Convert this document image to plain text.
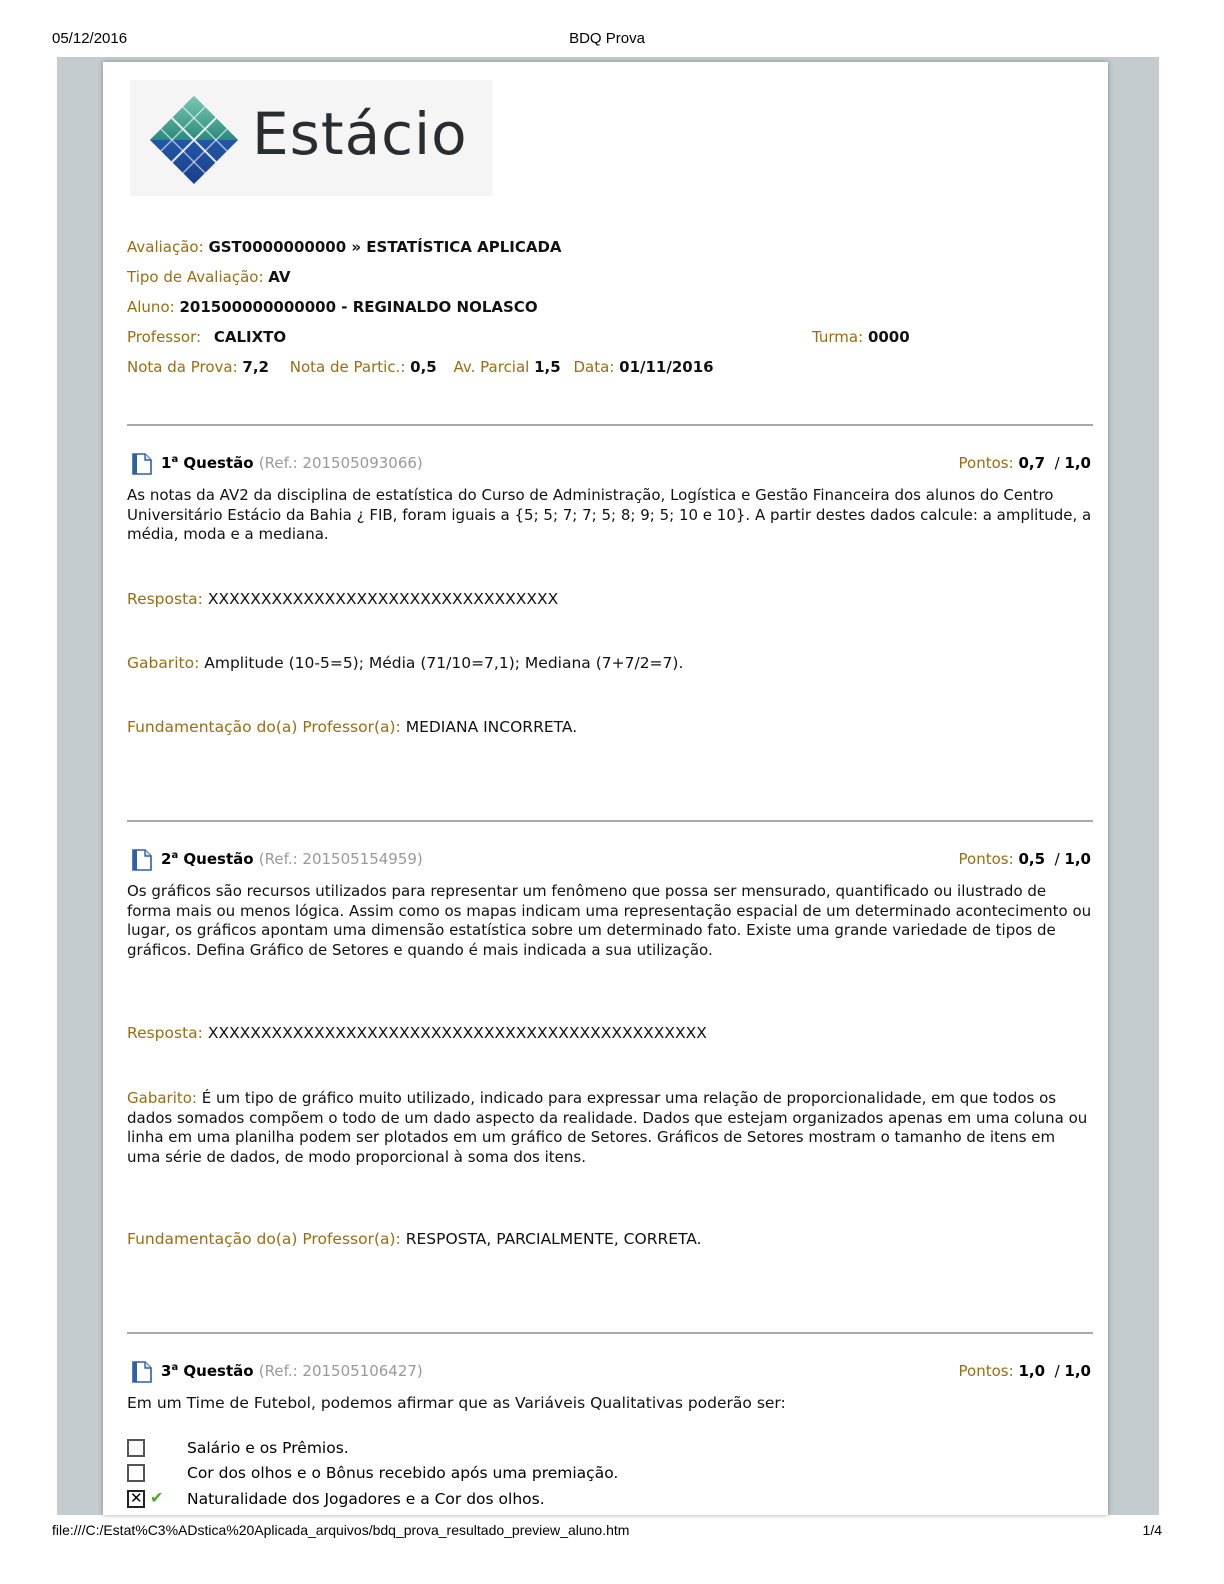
05/12/2016	BDQ Prova
Estácio
Avaliação: GST0000000000 » ESTATÍSTICA APLICADA
Tipo de Avaliação: AV
Aluno: 201500000000000 - REGINALDO NOLASCO
Professor: CALIXTO	Turma: 0000
Nota da Prova: 7,2 Nota de Partic.: 0,5 Av. Parcial 1,5 Data: 01/11/2016
1$^a$ Questão (Ref.: 201505093066)	Pontos: 0,7 / 1,0
As notas da AV2 da disciplina de estatística do Curso de Administração, Logística e Gestão Financeira dos alunos do Centro Universitário Estácio da Bahia ¿ FIB, foram iguais a {5; 5; 7; 7; 5; 8; 9; 5; 10 e 10}. A partir destes dados calcule: a amplitude, a média, moda e a mediana.
Resposta: XXXXXXXXXXXXXXXXXXXXXXXXXXXXXXXXX
Gabarito: Amplitude (10-5=5); Média (71/10=7,1); Mediana (7+7/2=7).
Fundamentação do(a) Professor(a): MEDIANA INCORRETA.
2$^a$ Questão (Ref.: 201505154959)	Pontos: 0,5 / 1,0
Os gráficos são recursos utilizados para representar um fenômeno que possa ser mensurado, quantificado ou ilustrado de forma mais ou menos lógica. Assim como os mapas indicam uma representação espacial de um determinado acontecimento ou lugar, os gráficos apontam uma dimensão estatística sobre um determinado fato. Existe uma grande variedade de tipos de gráficos. Defina Gráfico de Setores e quando é mais indicada a sua utilização.
Resposta: XXXXXXXXXXXXXXXXXXXXXXXXXXXXXXXXXXXXXXXXXXXXXXX
Gabarito: É um tipo de gráfico muito utilizado, indicado para expressar uma relação de proporcionalidade, em que todos os dados somados compõem o todo de um dado aspecto da realidade. Dados que estejam organizados apenas em uma coluna ou linha em uma planilha podem ser plotados em um gráfico de Setores. Gráficos de Setores mostram o tamanho de itens em uma série de dados, de modo proporcional à soma dos itens.
Fundamentação do(a) Professor(a): RESPOSTA, PARCIALMENTE, CORRETA.
3$^a$ Questão (Ref.: 201505106427)	Pontos: 1,0 / 1,0
Em um Time de Futebol, podemos afirmar que as Variáveis Qualitativas poderão ser:
Salário e os Prêmios.
Cor dos olhos e o Bônus recebido após uma premiação.
✕
✔ Naturalidade dos Jogadores e a Cor dos olhos.
file:///C:/Estat%C3%ADstica%20Aplicada_arquivos/bdq_prova_resultado_preview_aluno.htm	1/4
